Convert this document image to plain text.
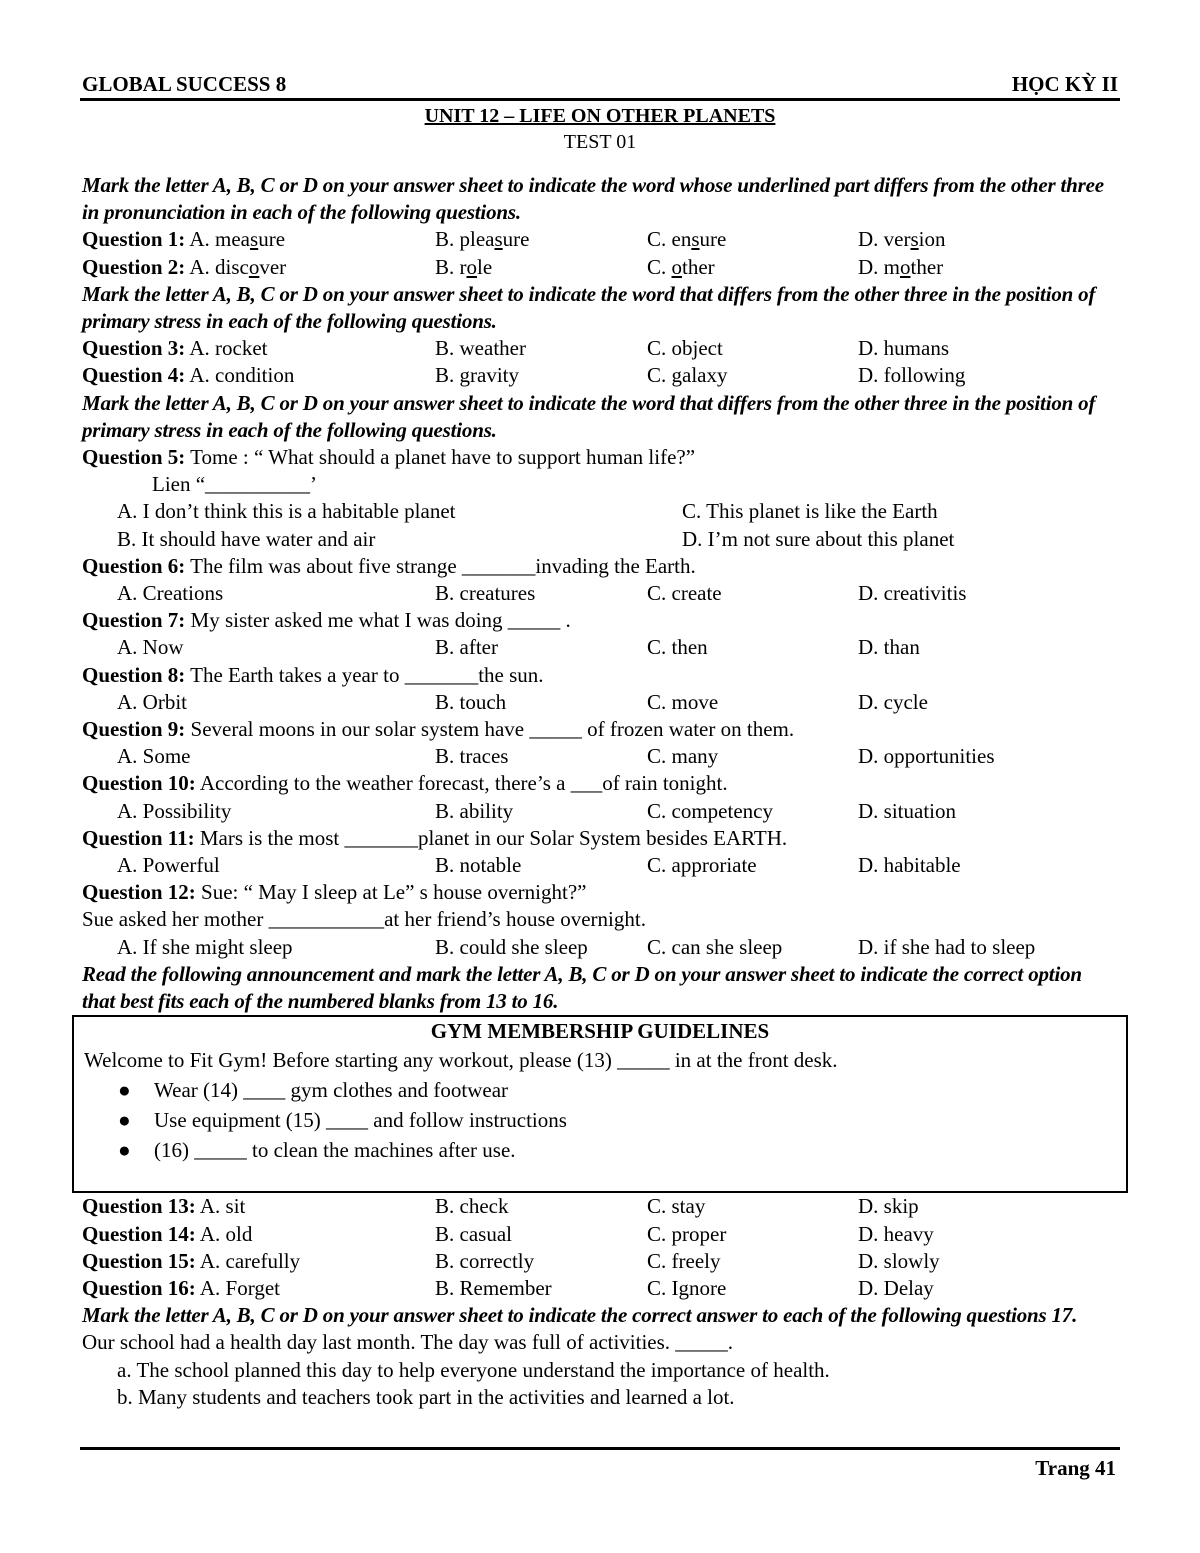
GLOBAL SUCCESS 8	HỌC KỲ II
UNIT 12 – LIFE ON OTHER PLANETS
TEST 01
Mark the letter A, B, C or D on your answer sheet to indicate the word whose underlined part differs from the other three in pronunciation in each of the following questions.
Question 1: A. measure	B. pleasure	C. ensure	D. version
Question 2: A. discover	B. role	C. other	D. mother
Mark the letter A, B, C or D on your answer sheet to indicate the word that differs from the other three in the position of primary stress in each of the following questions.
Question 3: A. rocket	B. weather	C. object	D. humans
Question 4: A. condition	B. gravity	C. galaxy	D. following
Mark the letter A, B, C or D on your answer sheet to indicate the word that differs from the other three in the position of primary stress in each of the following questions.
Question 5: Tome : “ What should a planet have to support human life?”
Lien “__________’
A. I don’t think this is a habitable planet	C. This planet is like the Earth
B. It should have water and air	D. I’m not sure about this planet
Question 6: The film was about five strange _______invading the Earth.
A. Creations	B. creatures	C. create	D. creativitis
Question 7: My sister asked me what I was doing _____ .
A. Now	B. after	C. then	D. than
Question 8: The Earth takes a year to _______the sun.
A. Orbit	B. touch	C. move	D. cycle
Question 9: Several moons in our solar system have _____ of frozen water on them.
A. Some	B. traces	C. many	D. opportunities
Question 10: According to the weather forecast, there’s a ___of rain tonight.
A. Possibility	B. ability	C. competency	D. situation
Question 11: Mars is the most _______planet in our Solar System besides EARTH.
A. Powerful	B. notable	C. approriate	D. habitable
Question 12: Sue: “ May I sleep at Le” s house overnight?”
Sue asked her mother ___________at her friend’s house overnight.
A. If she might sleep	B. could she sleep	C. can she sleep	D. if she had to sleep
Read the following announcement and mark the letter A, B, C or D on your answer sheet to indicate the correct option that best fits each of the numbered blanks from 13 to 16.
GYM MEMBERSHIP GUIDELINES
Welcome to Fit Gym! Before starting any workout, please (13) _____ in at the front desk.
●	Wear (14) ____ gym clothes and footwear
●	Use equipment (15) ____ and follow instructions
●	(16) _____ to clean the machines after use.
Question 13: A. sit	B. check	C. stay	D. skip
Question 14: A. old	B. casual	C. proper	D. heavy
Question 15: A. carefully	B. correctly	C. freely	D. slowly
Question 16: A. Forget	B. Remember	C. Ignore	D. Delay
Mark the letter A, B, C or D on your answer sheet to indicate the correct answer to each of the following questions 17.
Our school had a health day last month. The day was full of activities. _____.
a. The school planned this day to help everyone understand the importance of health.
b. Many students and teachers took part in the activities and learned a lot.
Trang 41
